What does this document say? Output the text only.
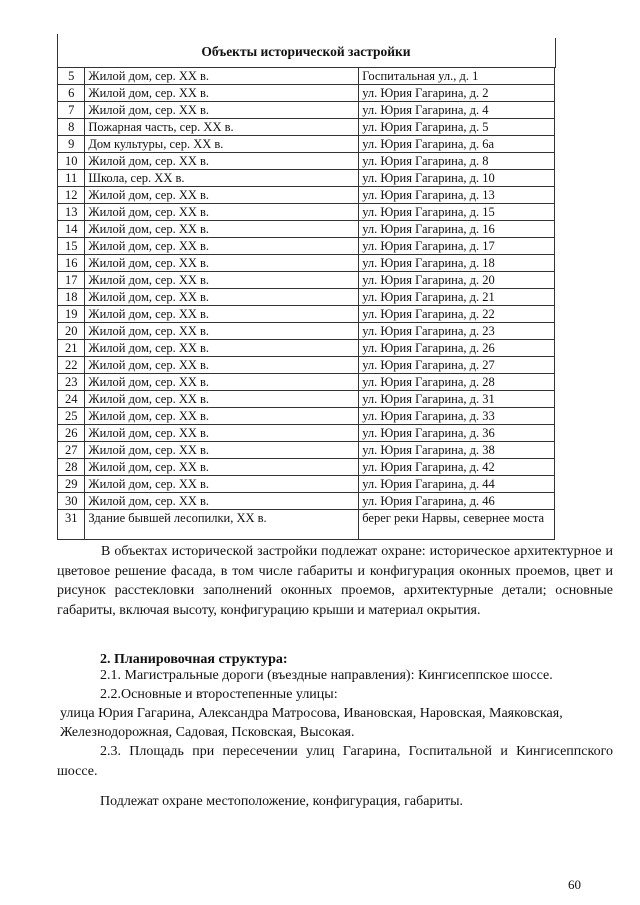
Объекты исторической застройки
5	Жилой дом, сер. XX в.	Госпитальная ул., д. 1
6	Жилой дом, сер. XX в.	ул. Юрия Гагарина, д. 2
7	Жилой дом, сер. XX в.	ул. Юрия Гагарина, д. 4
8	Пожарная часть, сер. XX в.	ул. Юрия Гагарина, д. 5
9	Дом культуры, сер. XX в.	ул. Юрия Гагарина, д. 6а
10	Жилой дом, сер. XX в.	ул. Юрия Гагарина, д. 8
11	Школа, сер. XX в.	ул. Юрия Гагарина, д. 10
12	Жилой дом, сер. XX в.	ул. Юрия Гагарина, д. 13
13	Жилой дом, сер. XX в.	ул. Юрия Гагарина, д. 15
14	Жилой дом, сер. XX в.	ул. Юрия Гагарина, д. 16
15	Жилой дом, сер. XX в.	ул. Юрия Гагарина, д. 17
16	Жилой дом, сер. XX в.	ул. Юрия Гагарина, д. 18
17	Жилой дом, сер. XX в.	ул. Юрия Гагарина, д. 20
18	Жилой дом, сер. XX в.	ул. Юрия Гагарина, д. 21
19	Жилой дом, сер. XX в.	ул. Юрия Гагарина, д. 22
20	Жилой дом, сер. XX в.	ул. Юрия Гагарина, д. 23
21	Жилой дом, сер. XX в.	ул. Юрия Гагарина, д. 26
22	Жилой дом, сер. XX в.	ул. Юрия Гагарина, д. 27
23	Жилой дом, сер. XX в.	ул. Юрия Гагарина, д. 28
24	Жилой дом, сер. XX в.	ул. Юрия Гагарина, д. 31
25	Жилой дом, сер. XX в.	ул. Юрия Гагарина, д. 33
26	Жилой дом, сер. XX в.	ул. Юрия Гагарина, д. 36
27	Жилой дом, сер. XX в.	ул. Юрия Гагарина, д. 38
28	Жилой дом, сер. XX в.	ул. Юрия Гагарина, д. 42
29	Жилой дом, сер. XX в.	ул. Юрия Гагарина, д. 44
30	Жилой дом, сер. XX в.	ул. Юрия Гагарина, д. 46
31	Здание бывшей лесопилки, XX в.	берег реки Нарвы, севернее моста
В объектах исторической застройки подлежат охране: историческое архитектурное и цветовое решение фасада, в том числе габариты и конфигурация оконных проемов, цвет и рисунок расстекловки заполнений оконных проемов, архитектурные детали; основные габариты, включая высоту, конфигурацию крыши и материал окрытия.
2. Планировочная структура:
2.1. Магистральные дороги (въездные направления): Кингисеппское шоссе.
2.2.Основные и второстепенные улицы:
улица Юрия Гагарина, Александра Матросова, Ивановская, Наровская, Маяковская,
Железнодорожная, Садовая, Псковская, Высокая.
2.3. Площадь при пересечении улиц Гагарина, Госпитальной и Кингисеппского шоссе.
Подлежат охране местоположение, конфигурация, габариты.
60
